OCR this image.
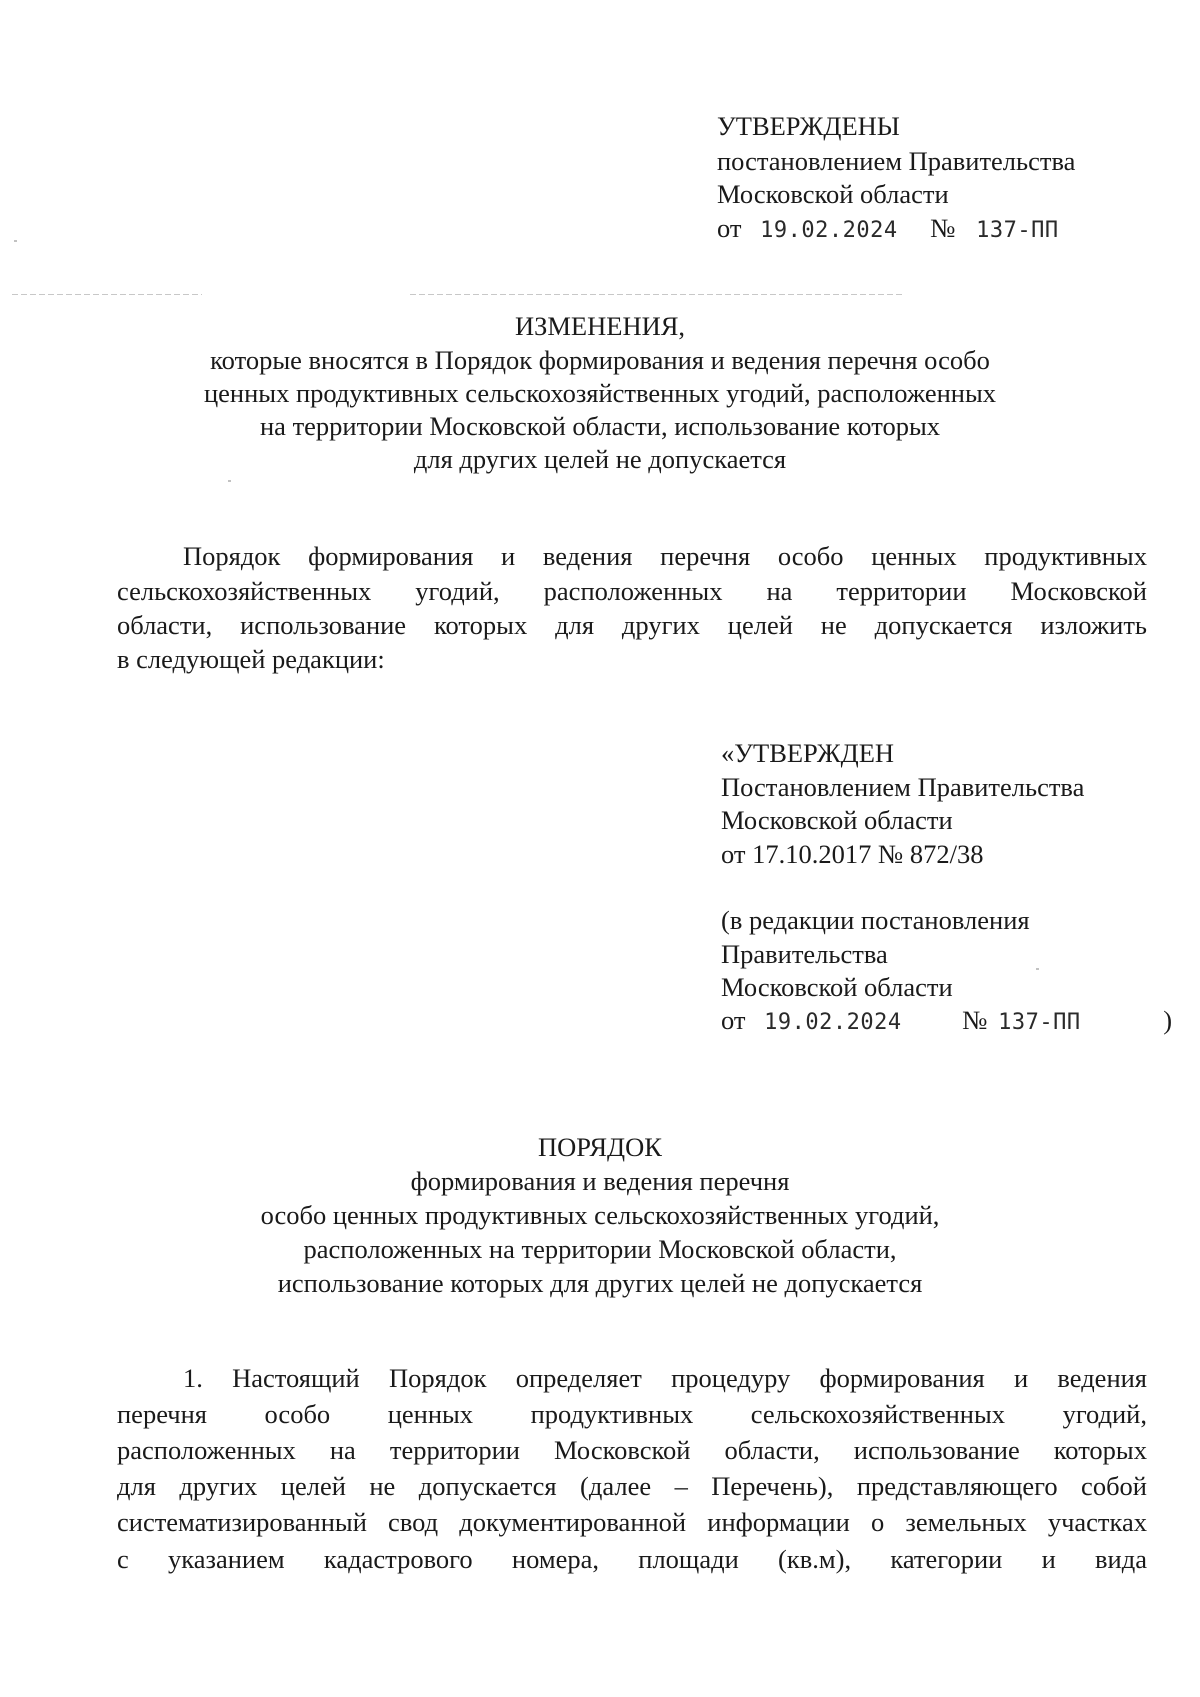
УТВЕРЖДЕНЫ
постановлением Правительства
Московской области
от 19.02.2024 № 137-ПП
ИЗМЕНЕНИЯ,
которые вносятся в Порядок формирования и ведения перечня особо
ценных продуктивных сельскохозяйственных угодий, расположенных
на территории Московской области, использование которых
для других целей не допускается
Порядок формирования и ведения перечня особо ценных продуктивных
сельскохозяйственных угодий, расположенных на территории Московской
области, использование которых для других целей не допускается изложить
в следующей редакции:
«УТВЕРЖДЕН
Постановлением Правительства
Московской области
от 17.10.2017 № 872/38
(в редакции постановления
Правительства
Московской области
от 19.02.2024 № 137-ПП	)
ПОРЯДОК
формирования и ведения перечня
особо ценных продуктивных сельскохозяйственных угодий,
расположенных на территории Московской области,
использование которых для других целей не допускается
1. Настоящий Порядок определяет процедуру формирования и ведения
перечня особо ценных продуктивных сельскохозяйственных угодий,
расположенных на территории Московской области, использование которых
для других целей не допускается (далее – Перечень), представляющего собой
систематизированный свод документированной информации о земельных участках
с указанием кадастрового номера, площади (кв.м), категории и вида
